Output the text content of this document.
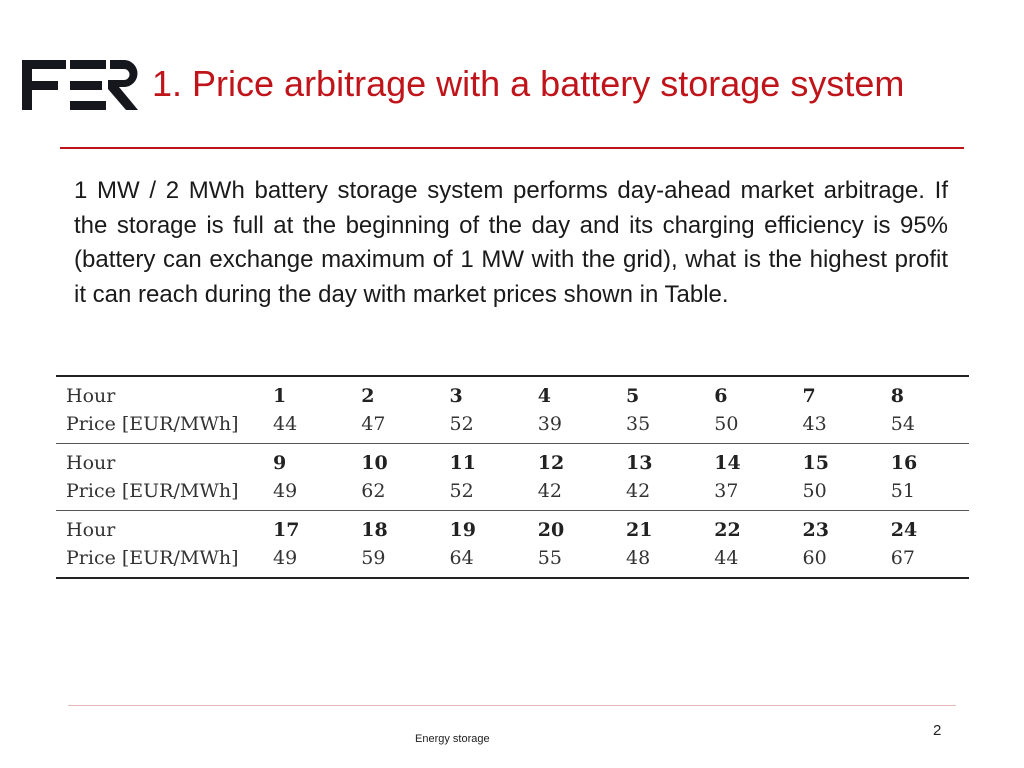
1. Price arbitrage with a battery storage system

1 MW / 2 MWh battery storage system performs day-ahead market arbitrage. If the storage is full at the beginning of the day and its charging efficiency is 95% (battery can exchange maximum of 1 MW with the grid), what is the highest profit it can reach during the day with market prices shown in Table.

Hour	1	2	3	4	5	6	7	8
Price [EUR/MWh]	44	47	52	39	35	50	43	54
Hour	9	10	11	12	13	14	15	16
Price [EUR/MWh]	49	62	52	42	42	37	50	51
Hour	17	18	19	20	21	22	23	24
Price [EUR/MWh]	49	59	64	55	48	44	60	67
Energy storage	2
